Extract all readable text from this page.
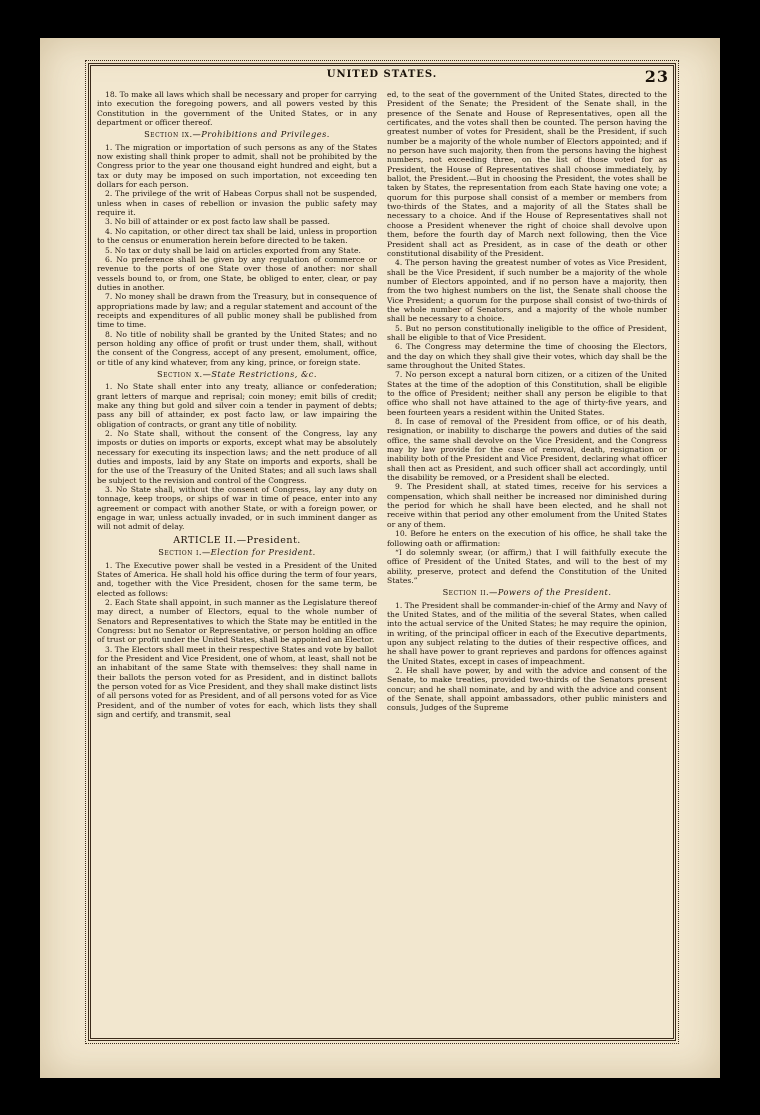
UNITED STATES.	23

18. To make all laws which shall be necessary and proper for carrying into execution the foregoing powers, and all powers vested by this Constitution in the government of the United States, or in any department or officer thereof.

Section ix.—Prohibitions and Privileges.

1. The migration or importation of such persons as any of the States now existing shall think proper to admit, shall not be prohibited by the Congress prior to the year one thousand eight hundred and eight, but a tax or duty may be imposed on such importation, not exceeding ten dollars for each person.

2. The privilege of the writ of Habeas Corpus shall not be suspended, unless when in cases of rebellion or invasion the public safety may require it.

3. No bill of attainder or ex post facto law shall be passed.

4. No capitation, or other direct tax shall be laid, unless in proportion to the census or enumeration herein before directed to be taken.

5. No tax or duty shall be laid on articles exported from any State.

6. No preference shall be given by any regulation of commerce or revenue to the ports of one State over those of another: nor shall vessels bound to, or from, one State, be obliged to enter, clear, or pay duties in another.

7. No money shall be drawn from the Treasury, but in consequence of appropriations made by law; and a regular statement and account of the receipts and expenditures of all public money shall be published from time to time.

8. No title of nobility shall be granted by the United States; and no person holding any office of profit or trust under them, shall, without the consent of the Congress, accept of any present, emolument, office, or title of any kind whatever, from any king, prince, or foreign state.

Section x.—State Restrictions, &c.

1. No State shall enter into any treaty, alliance or confederation; grant letters of marque and reprisal; coin money; emit bills of credit; make any thing but gold and silver coin a tender in payment of debts; pass any bill of attainder, ex post facto law, or law impairing the obligation of contracts, or grant any title of nobility.

2. No State shall, without the consent of the Congress, lay any imposts or duties on imports or exports, except what may be absolutely necessary for executing its inspection laws; and the nett produce of all duties and imposts, laid by any State on imports and exports, shall be for the use of the Treasury of the United States; and all such laws shall be subject to the revision and control of the Congress.

3. No State shall, without the consent of Congress, lay any duty on tonnage, keep troops, or ships of war in time of peace, enter into any agreement or compact with another State, or with a foreign power, or engage in war, unless actually invaded, or in such imminent danger as will not admit of delay.

ARTICLE II.—President.
Section i.—Election for President.

1. The Executive power shall be vested in a President of the United States of America. He shall hold his office during the term of four years, and, together with the Vice President, chosen for the same term, be elected as follows:

2. Each State shall appoint, in such manner as the Legislature thereof may direct, a number of Electors, equal to the whole number of Senators and Representatives to which the State may be entitled in the Congress: but no Senator or Representative, or person holding an office of trust or profit under the United States, shall be appointed an Elector.

3. The Electors shall meet in their respective States and vote by ballot for the President and Vice President, one of whom, at least, shall not be an inhabitant of the same State with themselves: they shall name in their ballots the person voted for as President, and in distinct ballots the person voted for as Vice President, and they shall make distinct lists of all persons voted for as President, and of all persons voted for as Vice President, and of the number of votes for each, which lists they shall sign and certify, and transmit, seal

ed, to the seat of the government of the United States, directed to the President of the Senate; the President of the Senate shall, in the presence of the Senate and House of Representatives, open all the certificates, and the votes shall then be counted. The person having the greatest number of votes for President, shall be the President, if such number be a majority of the whole number of Electors appointed; and if no person have such majority, then from the persons having the highest numbers, not exceeding three, on the list of those voted for as President, the House of Representatives shall choose immediately, by ballot, the President.—But in choosing the President, the votes shall be taken by States, the representation from each State having one vote; a quorum for this purpose shall consist of a member or members from two-thirds of the States, and a majority of all the States shall be necessary to a choice. And if the House of Representatives shall not choose a President whenever the right of choice shall devolve upon them, before the fourth day of March next following, then the Vice President shall act as President, as in case of the death or other constitutional disability of the President.

4. The person having the greatest number of votes as Vice President, shall be the Vice President, if such number be a majority of the whole number of Electors appointed, and if no person have a majority, then from the two highest numbers on the list, the Senate shall choose the Vice President; a quorum for the purpose shall consist of two-thirds of the whole number of Senators, and a majority of the whole number shall be necessary to a choice.

5. But no person constitutionally ineligible to the office of President, shall be eligible to that of Vice President.

6. The Congress may determine the time of choosing the Electors, and the day on which they shall give their votes, which day shall be the same throughout the United States.

7. No person except a natural born citizen, or a citizen of the United States at the time of the adoption of this Constitution, shall be eligible to the office of President; neither shall any person be eligible to that office who shall not have attained to the age of thirty-five years, and been fourteen years a resident within the United States.

8. In case of removal of the President from office, or of his death, resignation, or inability to discharge the powers and duties of the said office, the same shall devolve on the Vice President, and the Congress may by law provide for the case of removal, death, resignation or inability both of the President and Vice President, declaring what officer shall then act as President, and such officer shall act accordingly, until the disability be removed, or a President shall be elected.

9. The President shall, at stated times, receive for his services a compensation, which shall neither be increased nor diminished during the period for which he shall have been elected, and he shall not receive within that period any other emolument from the United States or any of them.

10. Before he enters on the execution of his office, he shall take the following oath or affirmation:

“I do solemnly swear, (or affirm,) that I will faithfully execute the office of President of the United States, and will to the best of my ability, preserve, protect and defend the Constitution of the United States.”

Section ii.—Powers of the President.

1. The President shall be commander-in-chief of the Army and Navy of the United States, and of the militia of the several States, when called into the actual service of the United States; he may require the opinion, in writing, of the principal officer in each of the Executive departments, upon any subject relating to the duties of their respective offices, and he shall have power to grant reprieves and pardons for offences against the United States, except in cases of impeachment.

2. He shall have power, by and with the advice and consent of the Senate, to make treaties, provided two-thirds of the Senators present concur; and he shall nominate, and by and with the advice and consent of the Senate, shall appoint ambassadors, other public ministers and consuls, Judges of the Supreme
